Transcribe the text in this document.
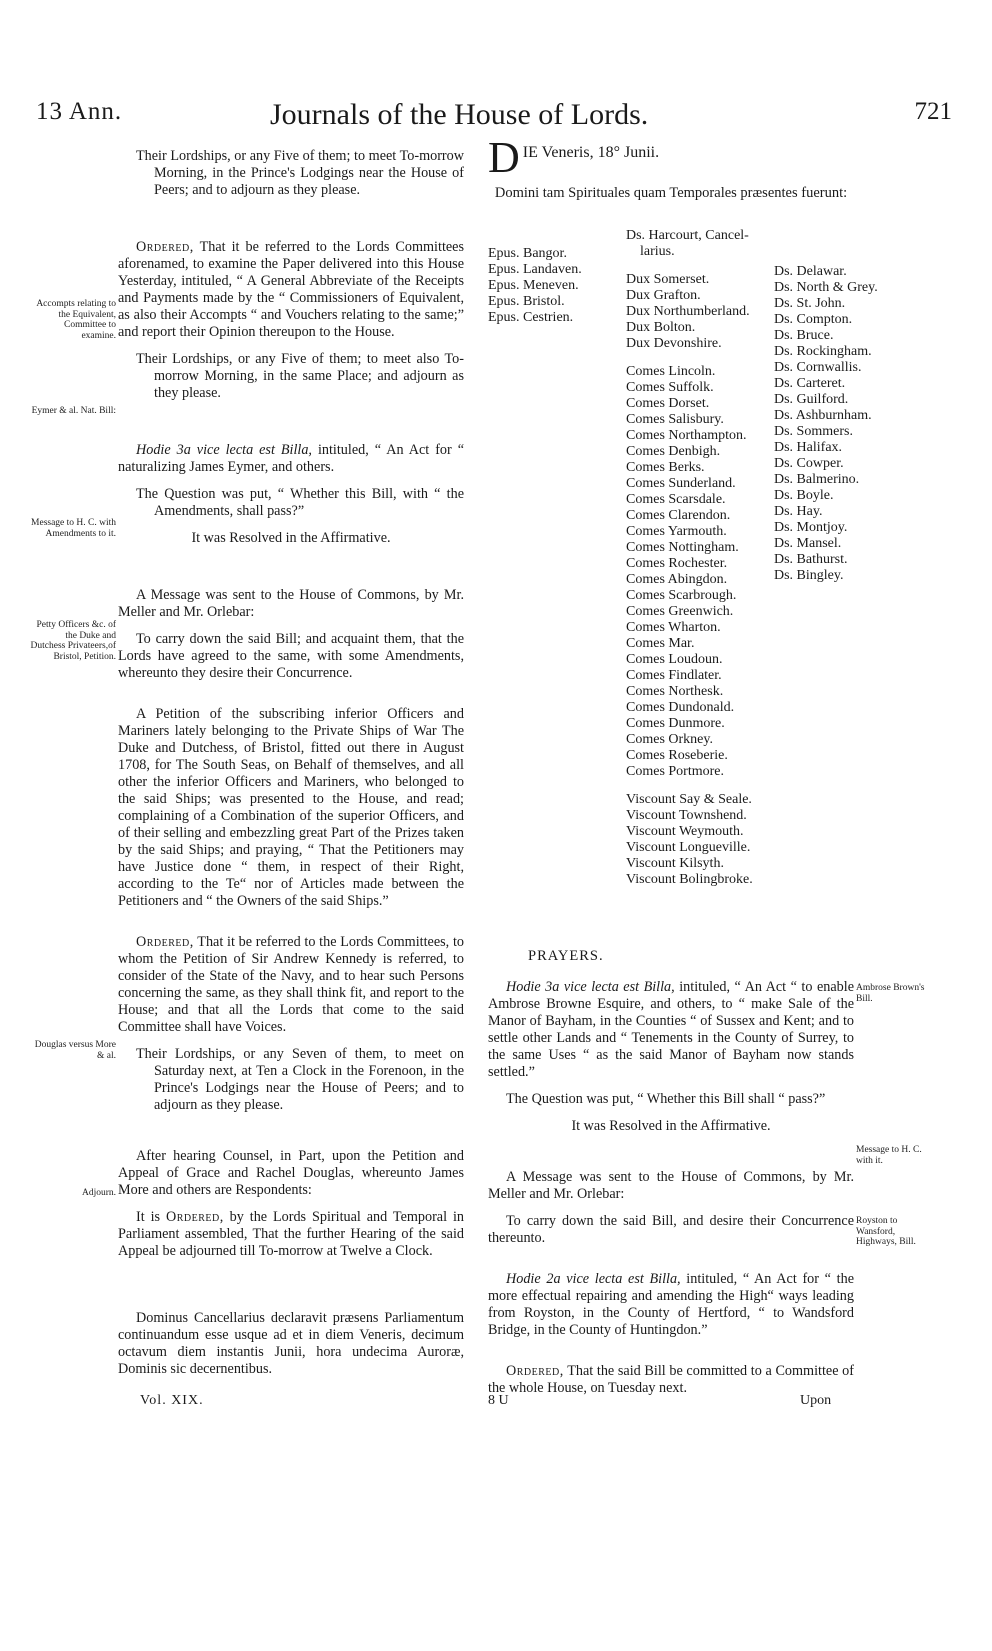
13 Ann.	Journals of the House of Lords.	721
Accompts relating to the Equivalent, Committee to examine.
Eymer & al. Nat. Bill:
Message to H. C. with Amendments to it.
Petty Officers &c. of the Duke and Dutchess Privateers,of Bristol, Petition.
Douglas versus More & al.
Adjourn.

Their Lordships, or any Five of them; to meet To-morrow Morning, in the Prince's Lodgings near the House of Peers; and to adjourn as they please.

Ordered, That it be referred to the Lords Committees aforenamed, to examine the Paper delivered into this House Yesterday, intituled, “ A General Abbreviate of the Receipts and Payments made by the “ Commissioners of Equivalent, as also their Accompts “ and Vouchers relating to the same;” and report their Opinion thereupon to the House.

Their Lordships, or any Five of them; to meet also To-morrow Morning, in the same Place; and adjourn as they please.

Hodie 3a vice lecta est Billa, intituled, “ An Act for “ naturalizing James Eymer, and others.

The Question was put, “ Whether this Bill, with “ the Amendments, shall pass?”

It was Resolved in the Affirmative.

A Message was sent to the House of Commons, by Mr. Meller and Mr. Orlebar:

To carry down the said Bill; and acquaint them, that the Lords have agreed to the same, with some Amendments, whereunto they desire their Concurrence.

A Petition of the subscribing inferior Officers and Mariners lately belonging to the Private Ships of War The Duke and Dutchess, of Bristol, fitted out there in August 1708, for The South Seas, on Behalf of themselves, and all other the inferior Officers and Mariners, who belonged to the said Ships; was presented to the House, and read; complaining of a Combination of the superior Officers, and of their selling and embezzling great Part of the Prizes taken by the said Ships; and praying, “ That the Petitioners may have Justice done “ them, in respect of their Right, according to the Te“ nor of Articles made between the Petitioners and “ the Owners of the said Ships.”

Ordered, That it be referred to the Lords Committees, to whom the Petition of Sir Andrew Kennedy is referred, to consider of the State of the Navy, and to hear such Persons concerning the same, as they shall think fit, and report to the House; and that all the Lords that come to the said Committee shall have Voices.

Their Lordships, or any Seven of them, to meet on Saturday next, at Ten a Clock in the Forenoon, in the Prince's Lodgings near the House of Peers; and to adjourn as they please.

After hearing Counsel, in Part, upon the Petition and Appeal of Grace and Rachel Douglas, whereunto James More and others are Respondents:

It is Ordered, by the Lords Spiritual and Temporal in Parliament assembled, That the further Hearing of the said Appeal be adjourned till To-morrow at Twelve a Clock.

Dominus Cancellarius declaravit præsens Parliamentum continuandum esse usque ad et in diem Veneris, decimum octavum diem instantis Junii, hora undecima Auroræ, Dominis sic decernentibus.

DIE Veneris, 18° Junii.

Domini tam Spirituales quam Temporales præsentes fuerunt:

Epus. Bangor.
Epus. Landaven.
Epus. Meneven.
Epus. Bristol.
Epus. Cestrien.
Ds. Harcourt, Cancel-
larius.
Dux Somerset.
Dux Grafton.
Dux Northumberland.
Dux Bolton.
Dux Devonshire.
Comes Lincoln.
Comes Suffolk.
Comes Dorset.
Comes Salisbury.
Comes Northampton.
Comes Denbigh.
Comes Berks.
Comes Sunderland.
Comes Scarsdale.
Comes Clarendon.
Comes Yarmouth.
Comes Nottingham.
Comes Rochester.
Comes Abingdon.
Comes Scarbrough.
Comes Greenwich.
Comes Wharton.
Comes Mar.
Comes Loudoun.
Comes Findlater.
Comes Northesk.
Comes Dundonald.
Comes Dunmore.
Comes Orkney.
Comes Roseberie.
Comes Portmore.
Viscount Say & Seale.
Viscount Townshend.
Viscount Weymouth.
Viscount Longueville.
Viscount Kilsyth.
Viscount Bolingbroke.
Ds. Delawar.
Ds. North & Grey.
Ds. St. John.
Ds. Compton.
Ds. Bruce.
Ds. Rockingham.
Ds. Cornwallis.
Ds. Carteret.
Ds. Guilford.
Ds. Ashburnham.
Ds. Sommers.
Ds. Halifax.
Ds. Cowper.
Ds. Balmerino.
Ds. Boyle.
Ds. Hay.
Ds. Montjoy.
Ds. Mansel.
Ds. Bathurst.
Ds. Bingley.

PRAYERS.

Hodie 3a vice lecta est Billa, intituled, “ An Act “ to enable Ambrose Browne Esquire, and others, to “ make Sale of the Manor of Bayham, in the Counties “ of Sussex and Kent; and to settle other Lands and “ Tenements in the County of Surrey, to the same Uses “ as the said Manor of Bayham now stands settled.”

The Question was put, “ Whether this Bill shall “ pass?”

It was Resolved in the Affirmative.

A Message was sent to the House of Commons, by Mr. Meller and Mr. Orlebar:

To carry down the said Bill, and desire their Concurrence thereunto.

Hodie 2a vice lecta est Billa, intituled, “ An Act for “ the more effectual repairing and amending the High“ ways leading from Royston, in the County of Hertford, “ to Wandsford Bridge, in the County of Huntingdon.”

Ordered, That the said Bill be committed to a Committee of the whole House, on Tuesday next.

Ambrose Brown's Bill.
Message to H. C. with it.
Royston to Wansford, Highways, Bill.
Vol. XIX.	8 U	Upon
